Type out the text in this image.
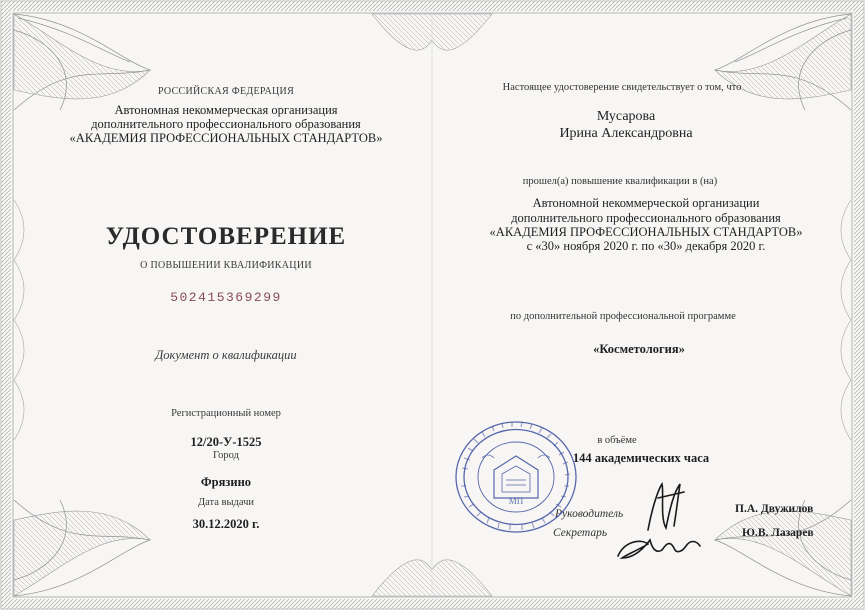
РОССИЙСКАЯ ФЕДЕРАЦИЯ
Автономная некоммерческая организация
дополнительного профессионального образования
«АКАДЕМИЯ ПРОФЕССИОНАЛЬНЫХ СТАНДАРТОВ»
УДОСТОВЕРЕНИЕ
О ПОВЫШЕНИИ КВАЛИФИКАЦИИ
502415369299
Документ о квалификации
Регистрационный номер
12/20-У-1525
Город
Фрязино
Дата выдачи
30.12.2020 г.
Настоящее удостоверение свидетельствует о том, что
Мусарова
Ирина Александровна
прошел(а) повышение квалификации в (на)
Автономной некоммерческой организации
дополнительного профессионального образования
«АКАДЕМИЯ ПРОФЕССИОНАЛЬНЫХ СТАНДАРТОВ»
с «30» ноября 2020 г. по «30» декабря 2020 г.
по дополнительной профессиональной программе
«Косметология»
в объёме
144 академических часа
Руководитель	П.А. Двужилов
Секретарь	Ю.В. Лазарев
МП
